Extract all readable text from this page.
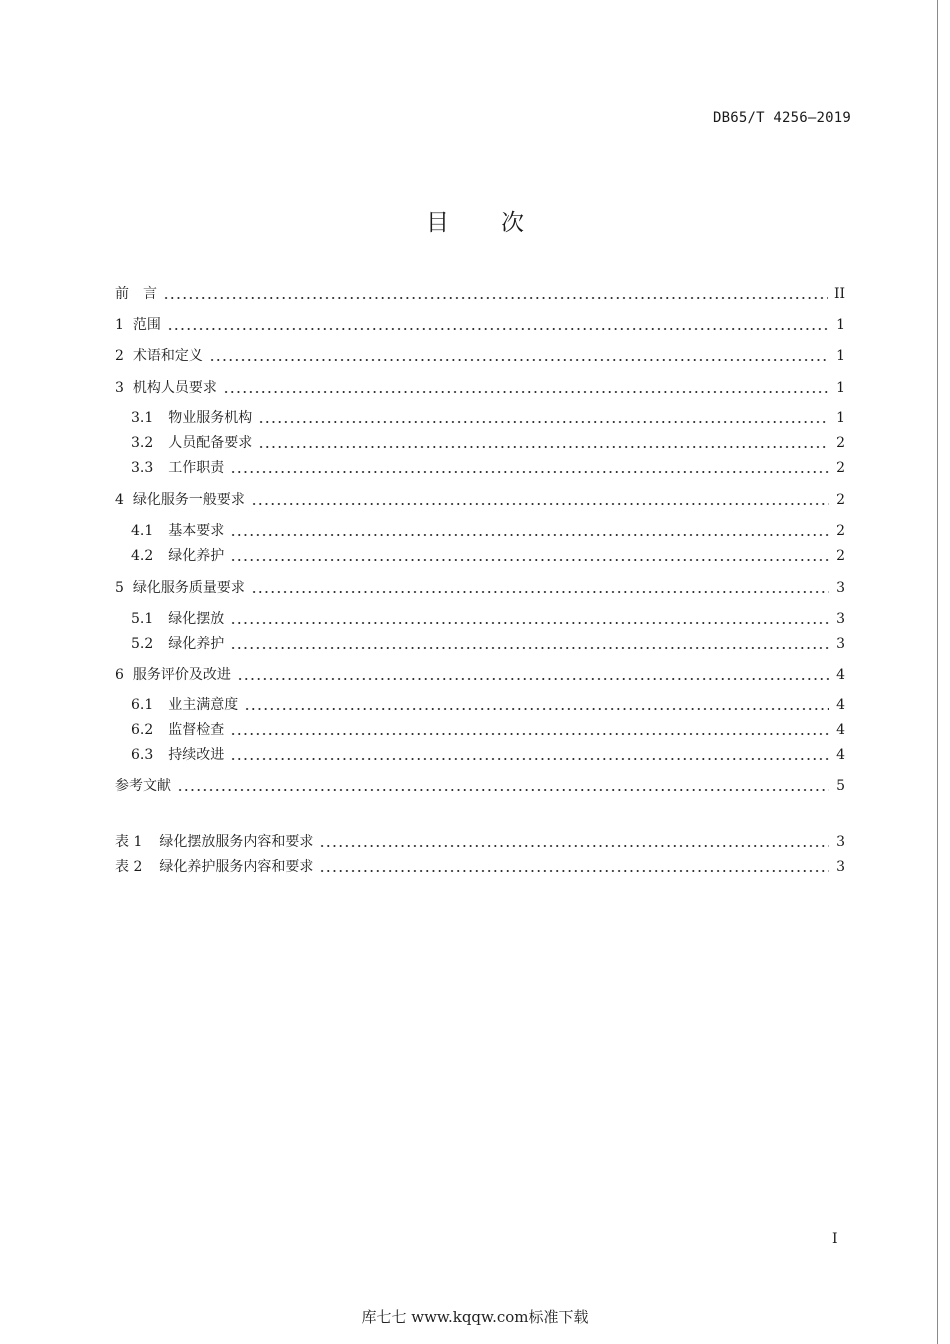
DB65/T 4256—2019
目次
前　言	II
1 范围	1
2 术语和定义	1
3 机构人员要求	1
3.1 物业服务机构	1
3.2 人员配备要求	2
3.3 工作职责	2
4 绿化服务一般要求	2
4.1 基本要求	2
4.2 绿化养护	2
5 绿化服务质量要求	3
5.1 绿化摆放	3
5.2 绿化养护	3
6 服务评价及改进	4
6.1 业主满意度	4
6.2 监督检查	4
6.3 持续改进	4
参考文献	5
表 1 绿化摆放服务内容和要求	3
表 2 绿化养护服务内容和要求	3
I
库七七 www.kqqw.com标准下载
